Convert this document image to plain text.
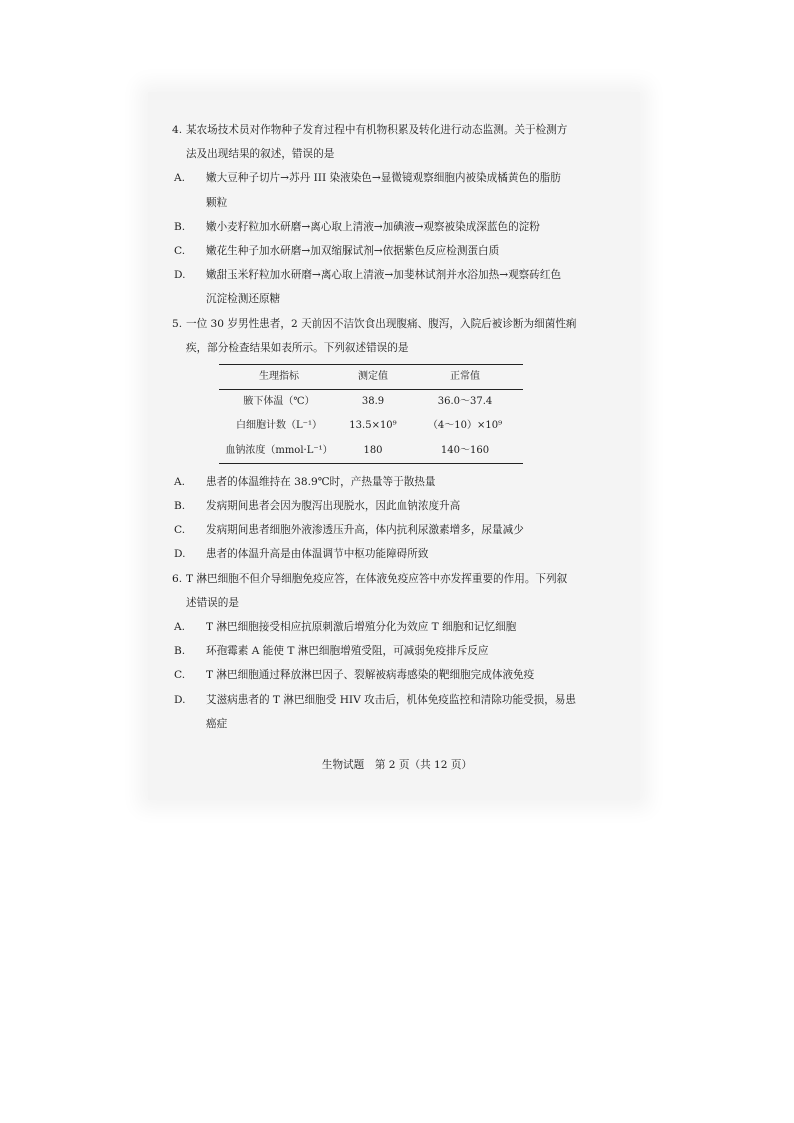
4. 某农场技术员对作物种子发育过程中有机物积累及转化进行动态监测。关于检测方
法及出现结果的叙述，错误的是
A.	嫩大豆种子切片→苏丹 III 染液染色→显微镜观察细胞内被染成橘黄色的脂肪
颗粒
B.	嫩小麦籽粒加水研磨→离心取上清液→加碘液→观察被染成深蓝色的淀粉
C.	嫩花生种子加水研磨→加双缩脲试剂→依据紫色反应检测蛋白质
D.	嫩甜玉米籽粒加水研磨→离心取上清液→加斐林试剂并水浴加热→观察砖红色
沉淀检测还原糖
5. 一位 30 岁男性患者，2 天前因不洁饮食出现腹痛、腹泻，入院后被诊断为细菌性痢
疾，部分检查结果如表所示。下列叙述错误的是
生理指标	测定值	正常值
腋下体温（℃）	38.9	36.0～37.4
白细胞计数（L⁻¹）	13.5×10⁹	（4～10）×10⁹
血钠浓度（mmol·L⁻¹）	180	140～160
A.	患者的体温维持在 38.9℃时，产热量等于散热量
B.	发病期间患者会因为腹泻出现脱水，因此血钠浓度升高
C.	发病期间患者细胞外液渗透压升高，体内抗利尿激素增多，尿量减少
D.	患者的体温升高是由体温调节中枢功能障碍所致
6. T 淋巴细胞不但介导细胞免疫应答，在体液免疫应答中亦发挥重要的作用。下列叙
述错误的是
A.	T 淋巴细胞接受相应抗原刺激后增殖分化为效应 T 细胞和记忆细胞
B.	环孢霉素 A 能使 T 淋巴细胞增殖受阻，可减弱免疫排斥反应
C.	T 淋巴细胞通过释放淋巴因子、裂解被病毒感染的靶细胞完成体液免疫
D.	艾滋病患者的 T 淋巴细胞受 HIV 攻击后，机体免疫监控和清除功能受损，易患
癌症
生物试题　第 2 页（共 12 页）
